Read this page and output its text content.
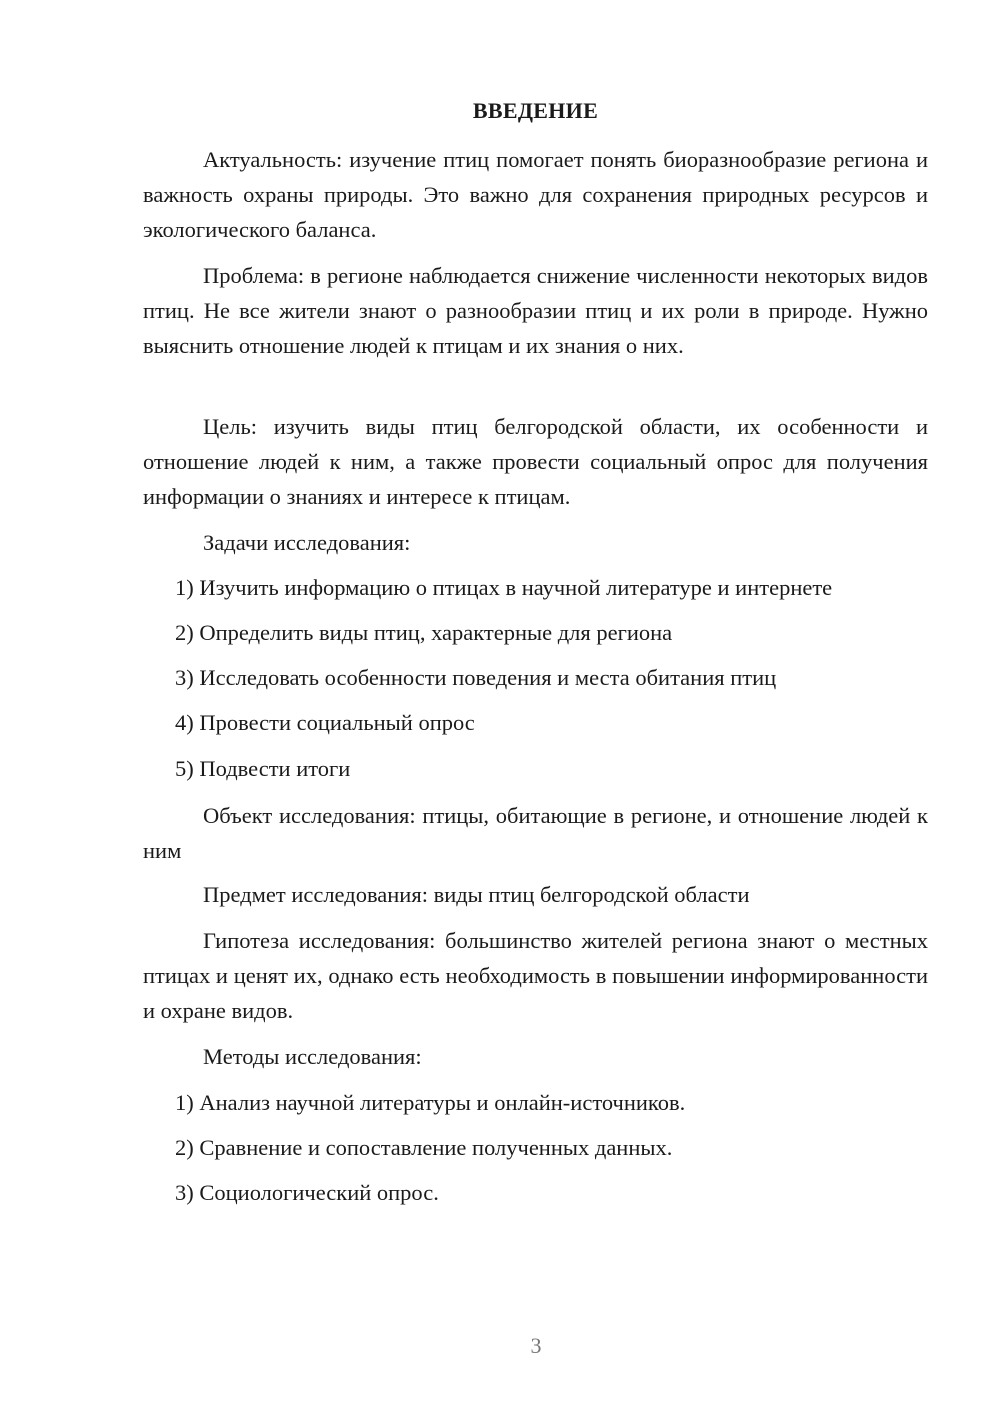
ВВЕДЕНИЕ

Актуальность: изучение птиц помогает понять биоразнообразие региона и важность охраны природы. Это важно для сохранения природных ресурсов и экологического баланса.

Проблема: в регионе наблюдается снижение численности некоторых видов птиц. Не все жители знают о разнообразии птиц и их роли в природе. Нужно выяснить отношение людей к птицам и их знания о них.

Цель: изучить виды птиц белгородской области, их особенности и отношение людей к ним, а также провести социальный опрос для получения информации о знаниях и интересе к птицам.

Задачи исследования:

1) Изучить информацию о птицах в научной литературе и интернете

2) Определить виды птиц, характерные для региона

3) Исследовать особенности поведения и места обитания птиц

4) Провести социальный опрос

5) Подвести итоги

Объект исследования: птицы, обитающие в регионе, и отношение людей к ним

Предмет исследования: виды птиц белгородской области

Гипотеза исследования: большинство жителей региона знают о местных птицах и ценят их, однако есть необходимость в повышении информированности и охране видов.

Методы исследования:

1) Анализ научной литературы и онлайн-источников.

2) Сравнение и сопоставление полученных данных.

3) Социологический опрос.

3
